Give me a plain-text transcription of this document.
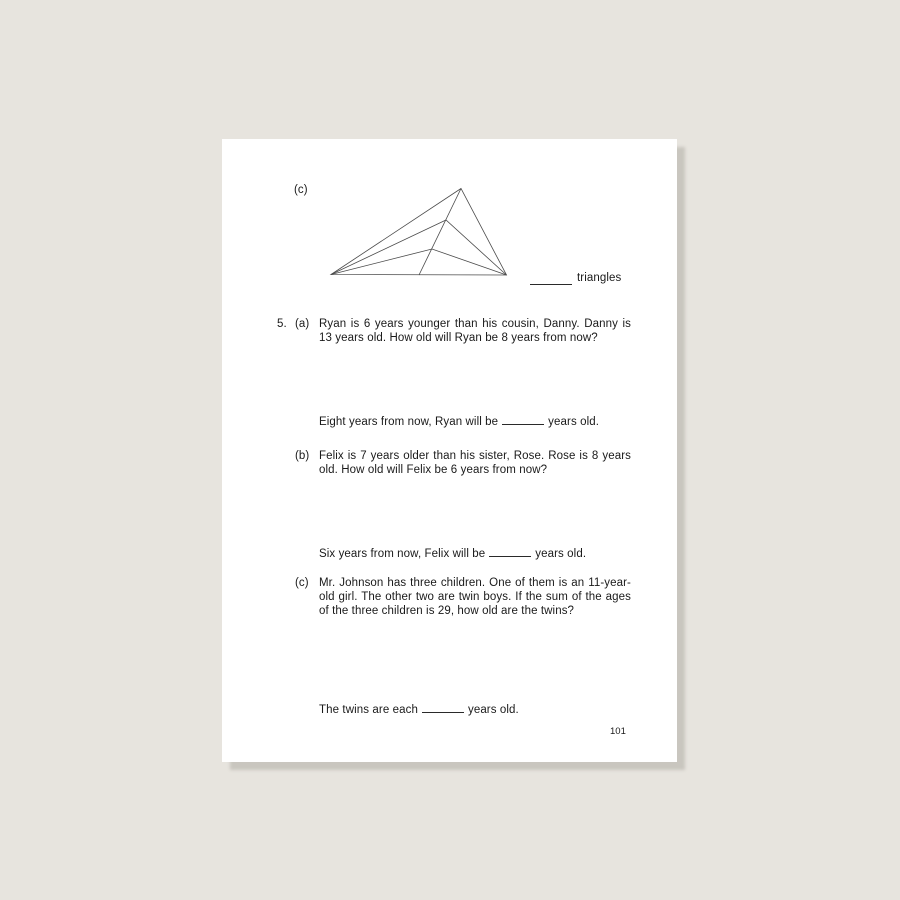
(c)
triangles
5. (a) Ryan is 6 years younger than his cousin, Danny. Danny is 13 years old. How old will Ryan be 8 years from now?
Eight years from now, Ryan will be	years old.
(b) Felix is 7 years older than his sister, Rose. Rose is 8 years old. How old will Felix be 6 years from now?
Six years from now, Felix will be	years old.
(c) Mr. Johnson has three children. One of them is an 11-year-old girl. The other two are twin boys. If the sum of the ages of the three children is 29, how old are the twins?
The twins are each	years old.
101
